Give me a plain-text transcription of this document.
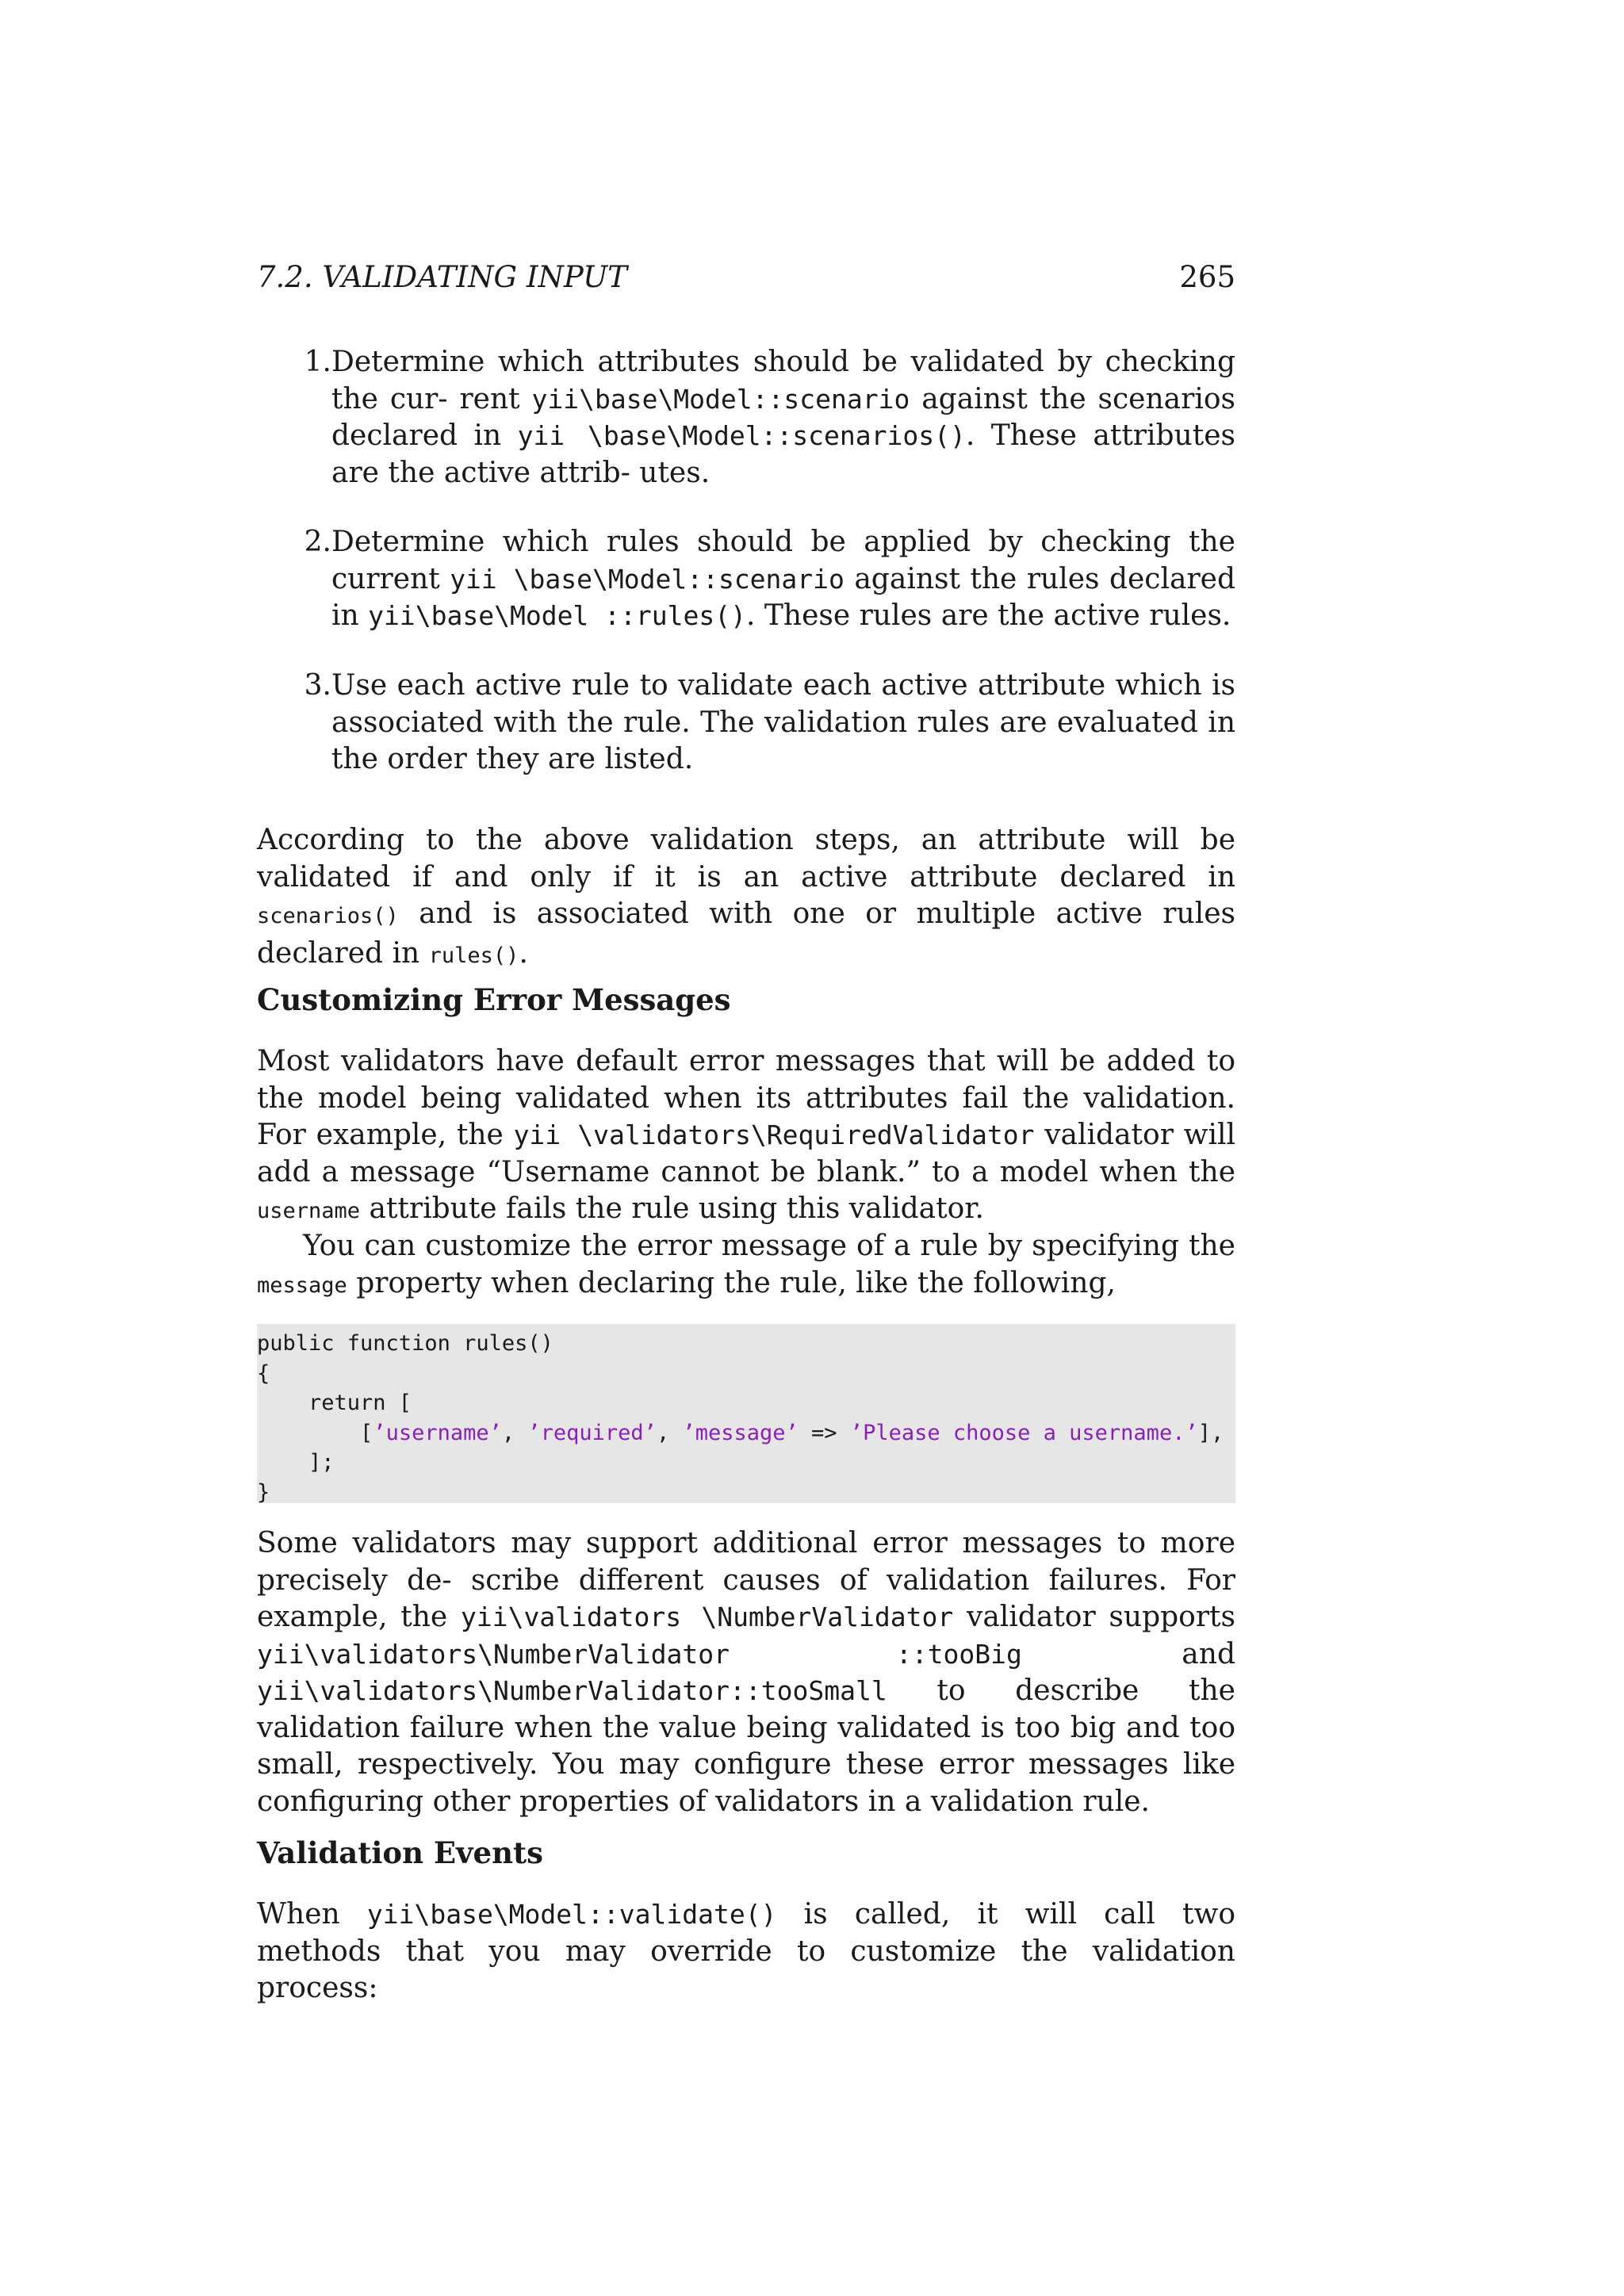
7.2. VALIDATING INPUT	265
1. Determine which attributes should be validated by checking the cur- rent yii\base\Model::scenario against the scenarios declared in yii \base\Model::scenarios(). These attributes are the active attrib- utes.
2. Determine which rules should be applied by checking the current yii \base\Model::scenario against the rules declared in yii\base\Model ::rules(). These rules are the active rules.
3. Use each active rule to validate each active attribute which is associated with the rule. The validation rules are evaluated in the order they are listed.

According to the above validation steps, an attribute will be validated if and only if it is an active attribute declared in scenarios() and is associated with one or multiple active rules declared in rules().

Customizing Error Messages

Most validators have default error messages that will be added to the model being validated when its attributes fail the validation. For example, the yii \validators\RequiredValidator validator will add a message “Username cannot be blank.” to a model when the username attribute fails the rule using this validator.

You can customize the error message of a rule by specifying the message property when declaring the rule, like the following,

public function rules()
{
return [
[’username’, ’required’, ’message’ => ’Please choose a username.’],
];
}

Some validators may support additional error messages to more precisely de- scribe different causes of validation failures. For example, the yii\validators \NumberValidator validator supports yii\validators\NumberValidator ::tooBig and yii\validators\NumberValidator::tooSmall to describe the validation failure when the value being validated is too big and too small, respectively. You may configure these error messages like configuring other properties of validators in a validation rule.

Validation Events

When yii\base\Model::validate() is called, it will call two methods that you may override to customize the validation process:
